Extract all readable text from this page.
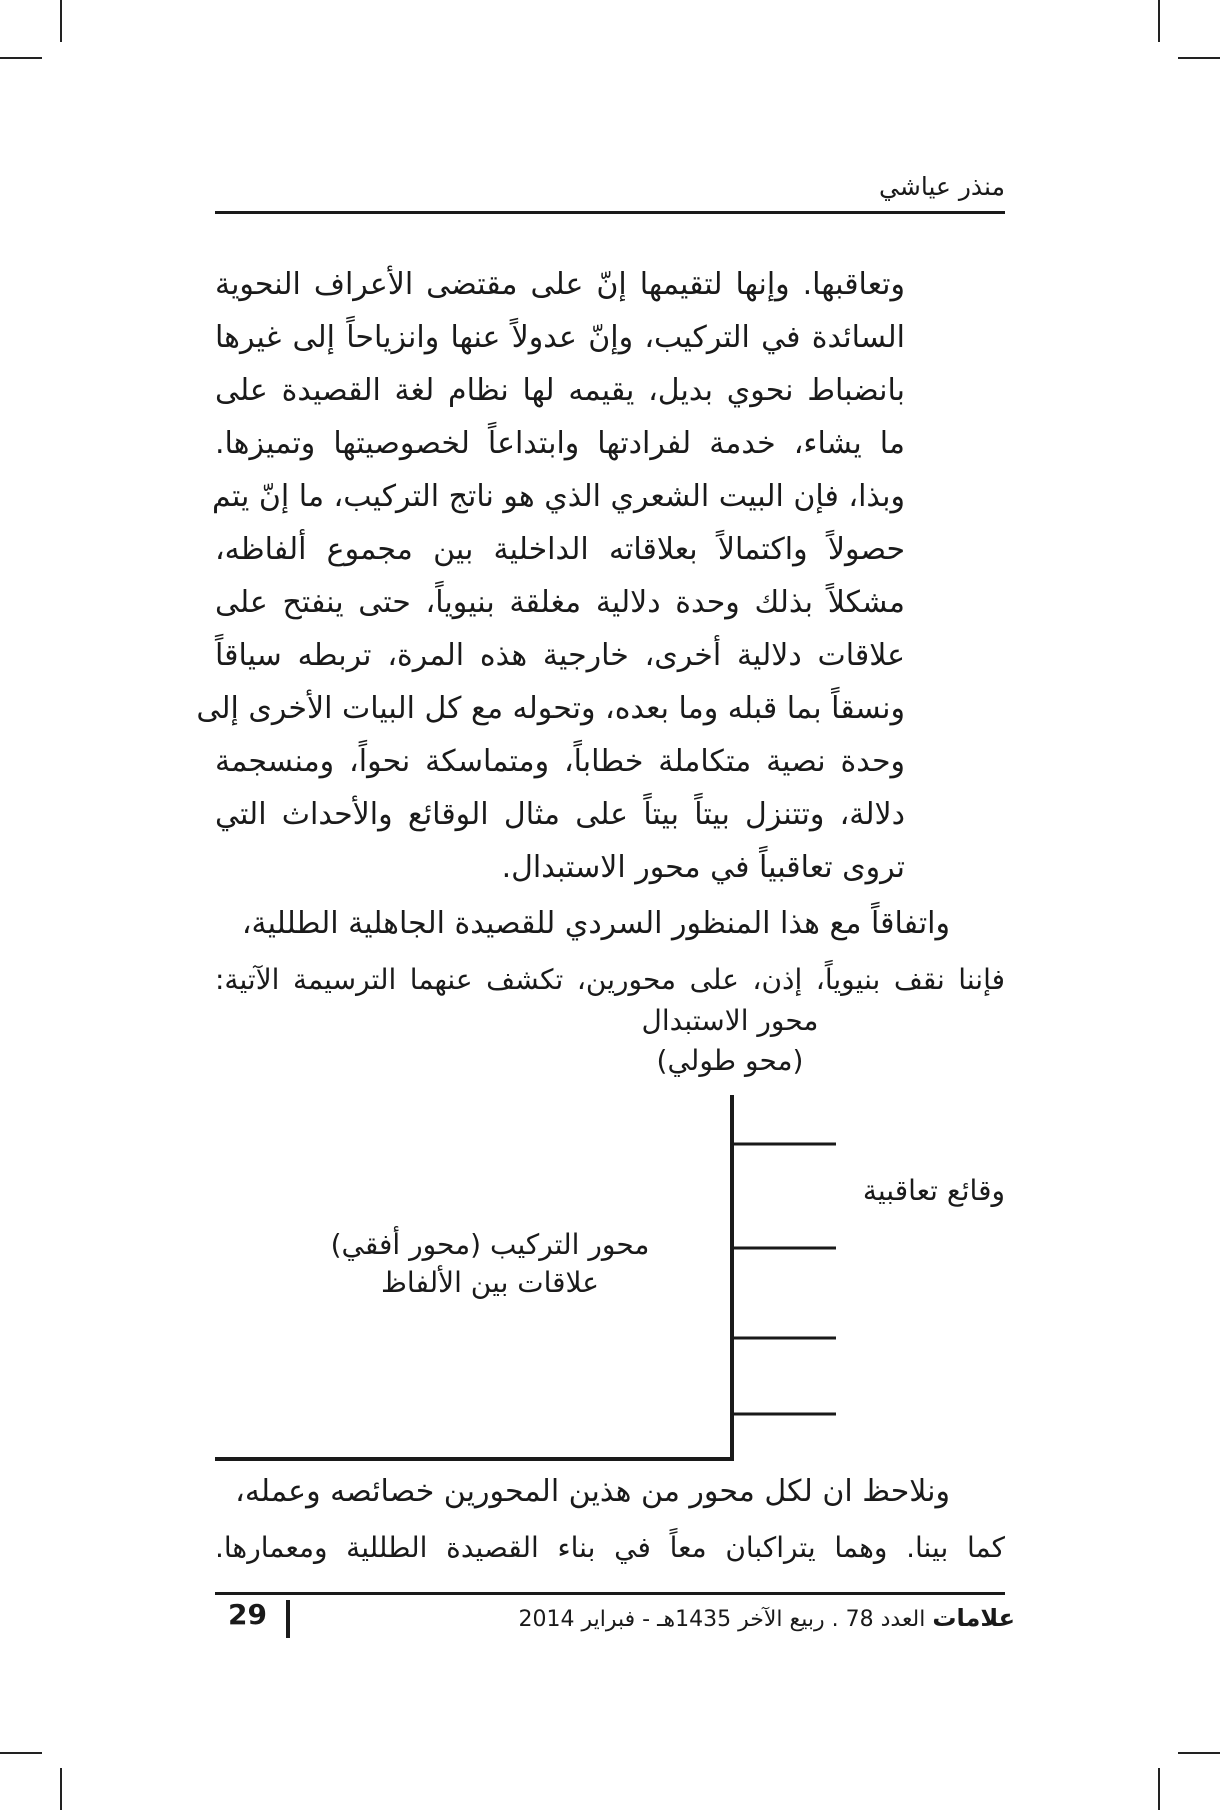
منذر عياشي
وتعاقبها. وإنها لتقيمها إنّ على مقتضى الأعراف النحوية
السائدة في التركيب، وإنّ عدولاً عنها وانزياحاً إلى غيرها
بانضباط نحوي بديل، يقيمه لها نظام لغة القصيدة على
ما يشاء، خدمة لفرادتها وابتداعاً لخصوصيتها وتميزها.
وبذا، فإن البيت الشعري الذي هو ناتج التركيب، ما إنّ يتم
حصولاً واكتمالاً بعلاقاته الداخلية بين مجموع ألفاظه،
مشكلاً بذلك وحدة دلالية مغلقة بنيوياً، حتى ينفتح على
علاقات دلالية أخرى، خارجية هذه المرة، تربطه سياقاً
ونسقاً بما قبله وما بعده، وتحوله مع كل البيات الأخرى إلى
وحدة نصية متكاملة خطاباً، ومتماسكة نحواً، ومنسجمة
دلالة، وتتنزل بيتاً بيتاً على مثال الوقائع والأحداث التي
تروى تعاقبياً في محور الاستبدال.
واتفاقاً مع هذا المنظور السردي للقصيدة الجاهلية الطللية،
فإننا نقف بنيوياً، إذن، على محورين، تكشف عنهما الترسيمة الآتية:
محور الاستبدال
(محو طولي)
وقائع تعاقبية
محور التركيب (محور أفقي)
علاقات بين الألفاظ
ونلاحظ ان لكل محور من هذين المحورين خصائصه وعمله،
كما بينا. وهما يتراكبان معاً في بناء القصيدة الطللية ومعمارها.
29	علامات العدد 78 . ربيع الآخر 1435هـ - فبراير 2014
